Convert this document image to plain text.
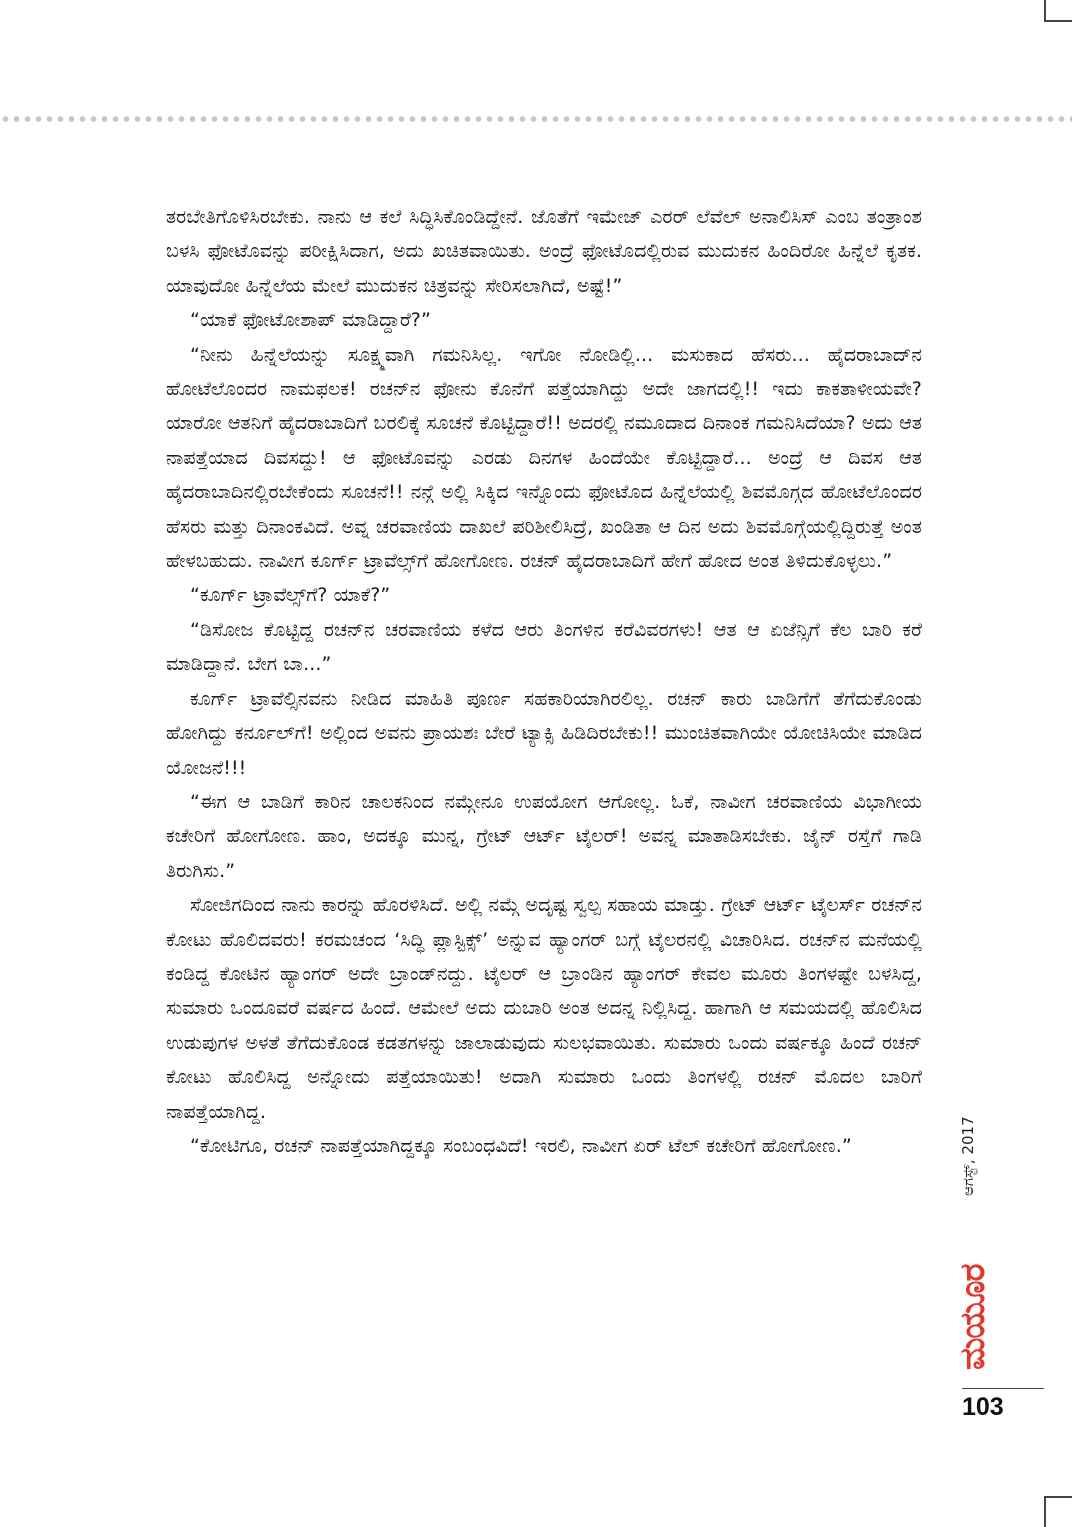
ತರಬೇತಿಗೊಳಿಸಿರಬೇಕು. ನಾನು ಆ ಕಲೆ ಸಿದ್ಧಿಸಿಕೊಂಡಿದ್ದೇನೆ. ಜೊತೆಗೆ ಇಮೇಜ್ ಎರರ್ ಲೆವೆಲ್ ಅನಾಲಿಸಿಸ್ ಎಂಬ ತಂತ್ರಾಂಶ ಬಳಸಿ ಫೋಟೊವನ್ನು ಪರೀಕ್ಷಿಸಿದಾಗ, ಅದು ಖಚಿತವಾಯಿತು. ಅಂದ್ರೆ ಫೋಟೊದಲ್ಲಿರುವ ಮುದುಕನ ಹಿಂದಿರೋ ಹಿನ್ನೆಲೆ ಕೃತಕ. ಯಾವುದೋ ಹಿನ್ನೆಲೆಯ ಮೇಲೆ ಮುದುಕನ ಚಿತ್ರವನ್ನು ಸೇರಿಸಲಾಗಿದೆ, ಅಷ್ಟೆ!”

“ಯಾಕೆ ಫೋಟೋಶಾಪ್ ಮಾಡಿದ್ದಾರೆ?”

“ನೀನು ಹಿನ್ನೆಲೆಯನ್ನು ಸೂಕ್ಷ್ಮವಾಗಿ ಗಮನಿಸಿಲ್ಲ. ಇಗೋ ನೋಡಿಲ್ಲಿ... ಮಸುಕಾದ ಹೆಸರು... ಹೈದರಾಬಾದ್‌ನ ಹೋಟೆಲೊಂದರ ನಾಮಫಲಕ! ರಚನ್‌ನ ಫೋನು ಕೊನೆಗೆ ಪತ್ತೆಯಾಗಿದ್ದು ಅದೇ ಜಾಗದಲ್ಲಿ!! ಇದು ಕಾಕತಾಳೀಯವೇ? ಯಾರೋ ಆತನಿಗೆ ಹೈದರಾಬಾದಿಗೆ ಬರಲಿಕ್ಕೆ ಸೂಚನೆ ಕೊಟ್ಟಿದ್ದಾರೆ!! ಅದರಲ್ಲಿ ನಮೂದಾದ ದಿನಾಂಕ ಗಮನಿಸಿದೆಯಾ? ಅದು ಆತ ನಾಪತ್ತೆಯಾದ ದಿವಸದ್ದು! ಆ ಫೋಟೊವನ್ನು ಎರಡು ದಿನಗಳ ಹಿಂದೆಯೇ ಕೊಟ್ಟಿದ್ದಾರೆ... ಅಂದ್ರೆ ಆ ದಿವಸ ಆತ ಹೈದರಾಬಾದಿನಲ್ಲಿರಬೇಕೆಂದು ಸೂಚನೆ!! ನನ್ಗೆ ಅಲ್ಲಿ ಸಿಕ್ಕಿದ ಇನ್ನೊಂದು ಫೋಟೊದ ಹಿನ್ನೆಲೆಯಲ್ಲಿ ಶಿವಮೊಗ್ಗದ ಹೋಟೆಲೊಂದರ ಹೆಸರು ಮತ್ತು ದಿನಾಂಕವಿದೆ. ಅವ್ನ ಚರವಾಣಿಯ ದಾಖಲೆ ಪರಿಶೀಲಿಸಿದ್ರೆ, ಖಂಡಿತಾ ಆ ದಿನ ಅದು ಶಿವಮೊಗ್ಗೆಯಲ್ಲಿದ್ದಿರುತ್ತೆ ಅಂತ ಹೇಳಬಹುದು. ನಾವೀಗ ಕೂರ್ಗ್ ಟ್ರಾವೆಲ್ಸ್‌ಗೆ ಹೋಗೋಣ. ರಚನ್ ಹೈದರಾಬಾದಿಗೆ ಹೇಗೆ ಹೋದ ಅಂತ ತಿಳಿದುಕೊಳ್ಳಲು.”

“ಕೂರ್ಗ್ ಟ್ರಾವೆಲ್ಸ್‌ಗೆ? ಯಾಕೆ?”

“ಡಿಸೋಜ ಕೊಟ್ಟಿದ್ದ ರಚನ್‌ನ ಚರವಾಣಿಯ ಕಳೆದ ಆರು ತಿಂಗಳಿನ ಕರೆವಿವರಗಳು! ಆತ ಆ ಏಜೆನ್ಸಿಗೆ ಕೆಲ ಬಾರಿ ಕರೆ ಮಾಡಿದ್ದಾನೆ. ಬೇಗ ಬಾ...”

ಕೂರ್ಗ್ ಟ್ರಾವೆಲ್ಸಿನವನು ನೀಡಿದ ಮಾಹಿತಿ ಪೂರ್ಣ ಸಹಕಾರಿಯಾಗಿರಲಿಲ್ಲ. ರಚನ್ ಕಾರು ಬಾಡಿಗೆಗೆ ತೆಗೆದುಕೊಂಡು ಹೋಗಿದ್ದು ಕರ್ನೂಲ್‌ಗೆ! ಅಲ್ಲಿಂದ ಅವನು ಪ್ರಾಯಶಃ ಬೇರೆ ಟ್ಯಾಕ್ಸಿ ಹಿಡಿದಿರಬೇಕು!! ಮುಂಚಿತವಾಗಿಯೇ ಯೋಚಿಸಿಯೇ ಮಾಡಿದ ಯೋಜನೆ!!!

“ಈಗ ಆ ಬಾಡಿಗೆ ಕಾರಿನ ಚಾಲಕನಿಂದ ನಮ್ಗೇನೂ ಉಪಯೋಗ ಆಗೋಲ್ಲ. ಓಕೆ, ನಾವೀಗ ಚರವಾಣಿಯ ವಿಭಾಗೀಯ ಕಚೇರಿಗೆ ಹೋಗೋಣ. ಹಾಂ, ಅದಕ್ಕೂ ಮುನ್ನ, ಗ್ರೇಟ್ ಆರ್ಟ್ ಟೈಲರ್! ಅವನ್ನ ಮಾತಾಡಿಸಬೇಕು. ಜೈನ್ ರಸ್ತೆಗೆ ಗಾಡಿ ತಿರುಗಿಸು.”

ಸೋಜಿಗದಿಂದ ನಾನು ಕಾರನ್ನು ಹೊರಳಿಸಿದೆ. ಅಲ್ಲಿ ನಮ್ಗೆ ಅದೃಷ್ಟ ಸ್ವಲ್ಪ ಸಹಾಯ ಮಾಡ್ತು. ಗ್ರೇಟ್ ಆರ್ಟ್ ಟೈಲರ್ಸ್ ರಚನ್‌ನ ಕೋಟು ಹೊಲಿದವರು! ಕರಮಚಂದ ‘ಸಿದ್ಧಿ ಪ್ಲಾಸ್ಟಿಕ್ಸ್’ ಅನ್ನುವ ಹ್ಯಾಂಗರ್ ಬಗ್ಗೆ ಟೈಲರನಲ್ಲಿ ವಿಚಾರಿಸಿದ. ರಚನ್‌ನ ಮನೆಯಲ್ಲಿ ಕಂಡಿದ್ದ ಕೋಟಿನ ಹ್ಯಾಂಗರ್ ಅದೇ ಬ್ರಾಂಡ್‌ನದ್ದು. ಟೈಲರ್ ಆ ಬ್ರಾಂಡಿನ ಹ್ಯಾಂಗರ್ ಕೇವಲ ಮೂರು ತಿಂಗಳಷ್ಟೇ ಬಳಸಿದ್ದ, ಸುಮಾರು ಒಂದೂವರೆ ವರ್ಷದ ಹಿಂದೆ. ಆಮೇಲೆ ಅದು ದುಬಾರಿ ಅಂತ ಅದನ್ನ ನಿಲ್ಲಿಸಿದ್ದ. ಹಾಗಾಗಿ ಆ ಸಮಯದಲ್ಲಿ ಹೊಲಿಸಿದ ಉಡುಪುಗಳ ಅಳತೆ ತೆಗೆದುಕೊಂಡ ಕಡತಗಳನ್ನು ಜಾಲಾಡುವುದು ಸುಲಭವಾಯಿತು. ಸುಮಾರು ಒಂದು ವರ್ಷಕ್ಕೂ ಹಿಂದೆ ರಚನ್ ಕೋಟು ಹೊಲಿಸಿದ್ದ ಅನ್ನೋದು ಪತ್ತೆಯಾಯಿತು! ಅದಾಗಿ ಸುಮಾರು ಒಂದು ತಿಂಗಳಲ್ಲಿ ರಚನ್ ಮೊದಲ ಬಾರಿಗೆ ನಾಪತ್ತೆಯಾಗಿದ್ದ.

“ಕೋಟಿಗೂ, ರಚನ್ ನಾಪತ್ತೆಯಾಗಿದ್ದಕ್ಕೂ ಸಂಬಂಧವಿದೆ! ಇರಲಿ, ನಾವೀಗ ಏರ್ ಟೆಲ್ ಕಚೇರಿಗೆ ಹೋಗೋಣ.”	ಆಗಸ್ಟ್, 2017
ಮಯೂರ
103
